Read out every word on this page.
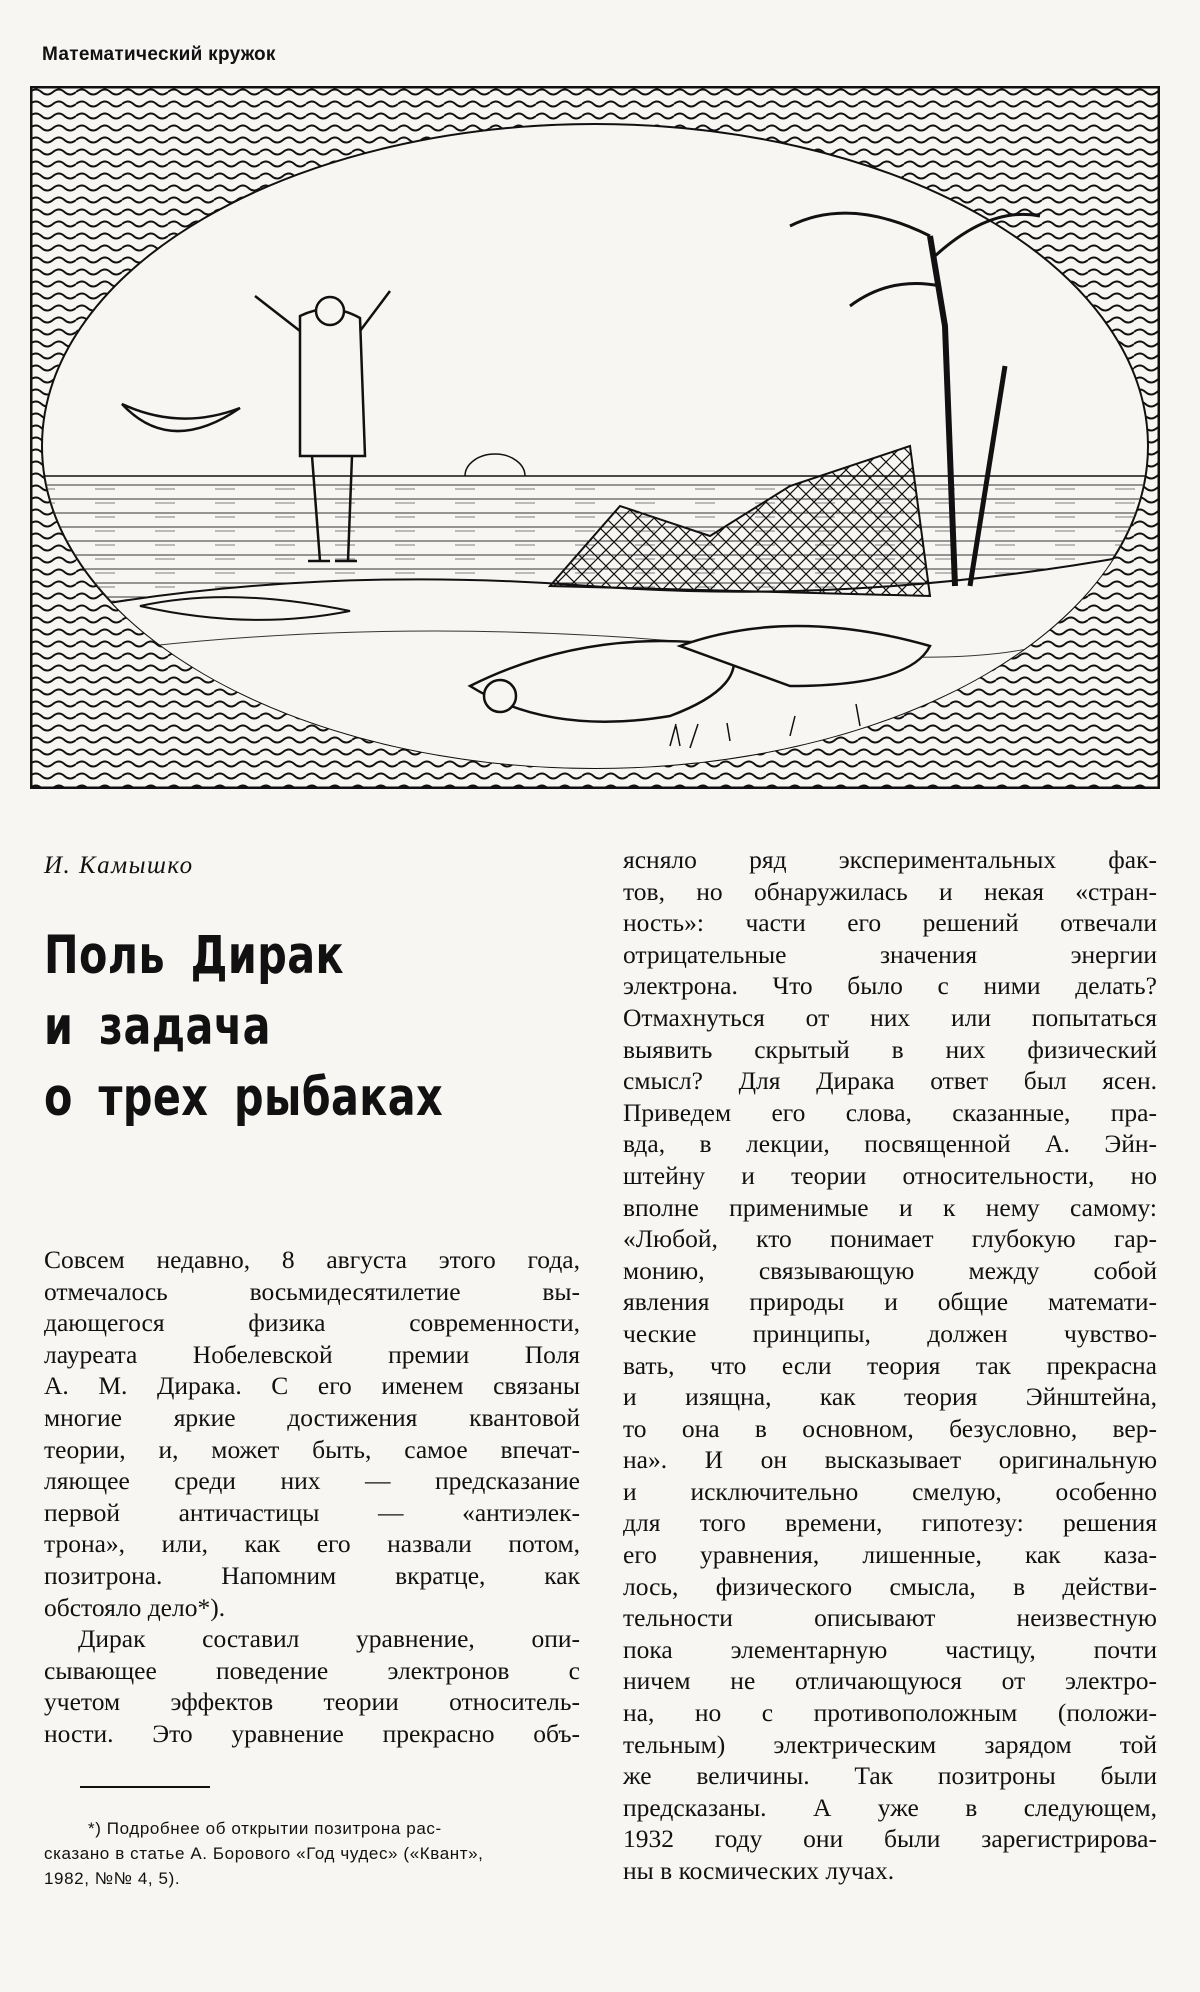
Математический кружок
И. Камышко
Поль Дирак
и задача
о трех рыбаках
Совсем недавно, 8 августа этого года,
отмечалось восьмидесятилетие вы-
дающегося физика современности,
лауреата Нобелевской премии Поля
А. М. Дирака. С его именем связаны
многие яркие достижения квантовой
теории, и, может быть, самое впечат-
ляющее среди них — предсказание
первой античастицы — «антиэлек-
трона», или, как его назвали потом,
позитрона. Напомним вкратце, как
обстояло дело*).
Дирак составил уравнение, опи-
сывающее поведение электронов с
учетом эффектов теории относитель-
ности. Это уравнение прекрасно объ-
*) Подробнее об открытии позитрона рас-
сказано в статье А. Борового «Год чудес» («Квант»,
1982, №№ 4, 5).
ясняло ряд экспериментальных фак-
тов, но обнаружилась и некая «стран-
ность»: части его решений отвечали
отрицательные значения энергии
электрона. Что было с ними делать?
Отмахнуться от них или попытаться
выявить скрытый в них физический
смысл? Для Дирака ответ был ясен.
Приведем его слова, сказанные, пра-
вда, в лекции, посвященной А. Эйн-
штейну и теории относительности, но
вполне применимые и к нему самому:
«Любой, кто понимает глубокую гар-
монию, связывающую между собой
явления природы и общие математи-
ческие принципы, должен чувство-
вать, что если теория так прекрасна
и изящна, как теория Эйнштейна,
то она в основном, безусловно, вер-
на». И он высказывает оригинальную
и исключительно смелую, особенно
для того времени, гипотезу: решения
его уравнения, лишенные, как каза-
лось, физического смысла, в действи-
тельности описывают неизвестную
пока элементарную частицу, почти
ничем не отличающуюся от электро-
на, но с противоположным (положи-
тельным) электрическим зарядом той
же величины. Так позитроны были
предсказаны. А уже в следующем,
1932 году они были зарегистрирова-
ны в космических лучах.
